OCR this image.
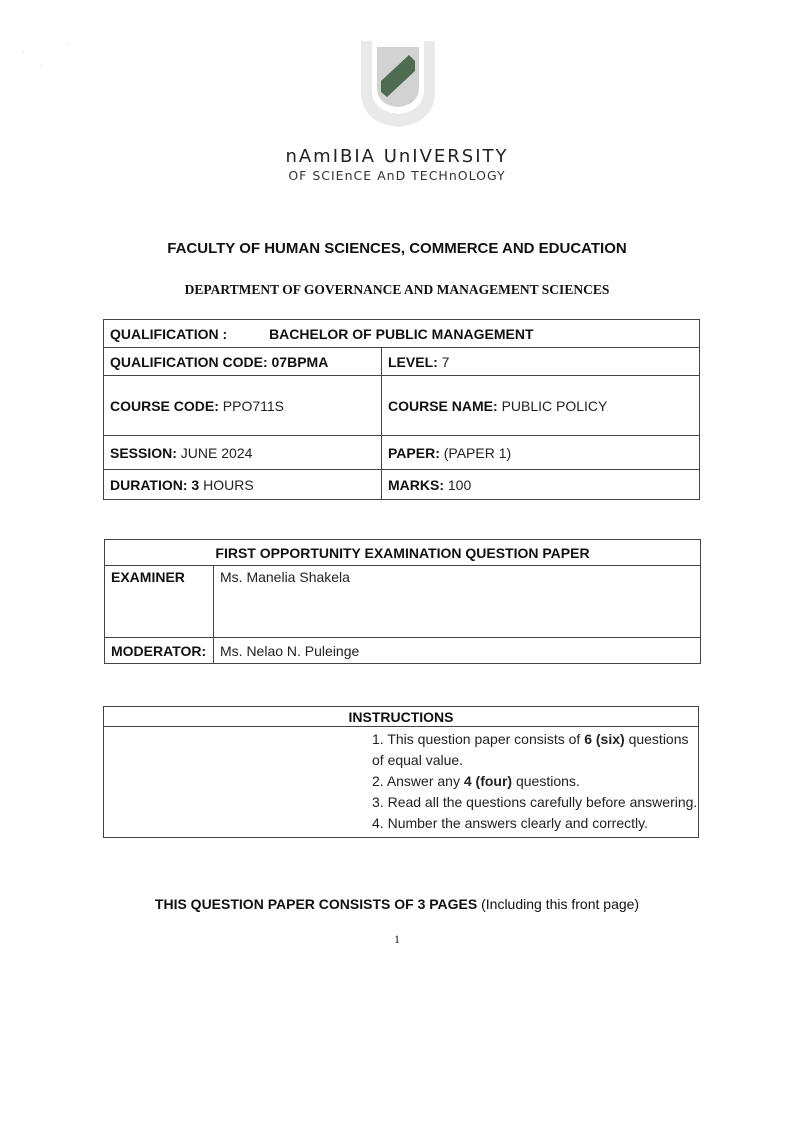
·
·
·
nAmIBIA UnIVERSITY
OF SCIEnCE AnD TECHnOLOGY
FACULTY OF HUMAN SCIENCES, COMMERCE AND EDUCATION
DEPARTMENT OF GOVERNANCE AND MANAGEMENT SCIENCES
QUALIFICATION : BACHELOR OF PUBLIC MANAGEMENT	
QUALIFICATION CODE: 07BPMA	LEVEL: 7
COURSE CODE: PPO711S	COURSE NAME: PUBLIC POLICY
SESSION: JUNE 2024	PAPER: (PAPER 1)
DURATION: 3 HOURS	MARKS: 100
FIRST OPPORTUNITY EXAMINATION QUESTION PAPER	
EXAMINER	Ms. Manelia Shakela
MODERATOR:	Ms. Nelao N. Puleinge
INSTRUCTIONS

1. This question paper consists of 6 (six) questions of equal value.
2. Answer any 4 (four) questions.
3. Read all the questions carefully before answering.
4. Number the answers clearly and correctly.
THIS QUESTION PAPER CONSISTS OF 3 PAGES (Including this front page)
1
